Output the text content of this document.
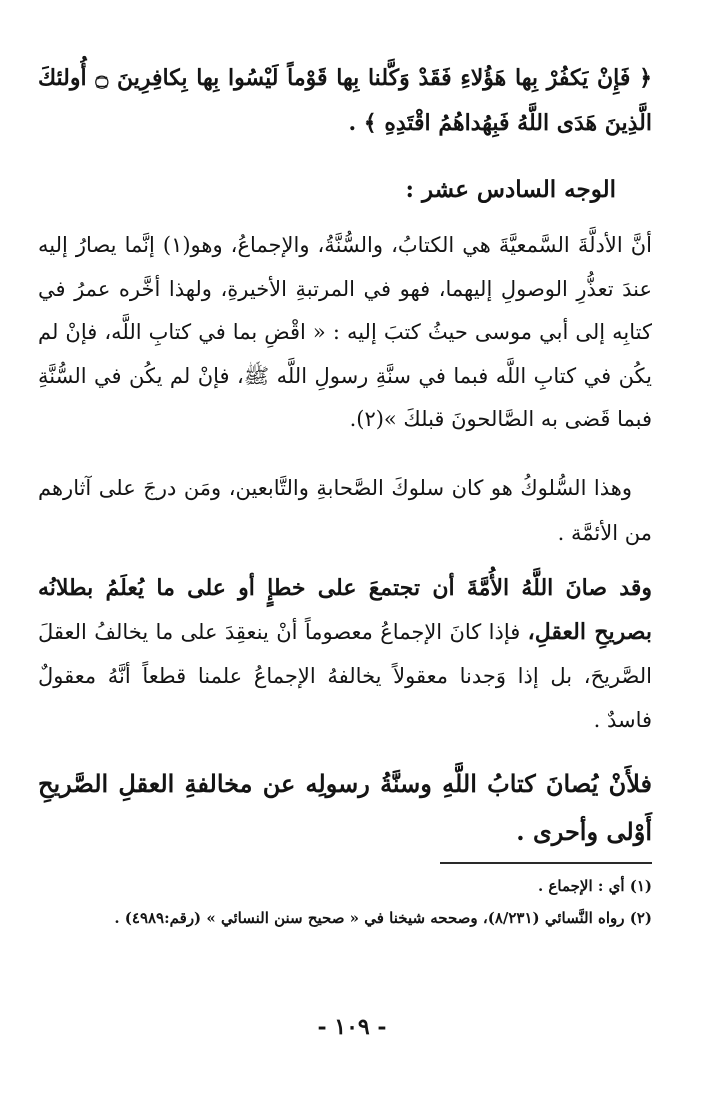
﴿ فَإِنْ يَكفُرْ بِها هَؤُلاءِ فَقَدْ وَكَّلنا بِها قَوْماً لَيْسُوا بِها بِكافِرِينَ ۝ أُولئكَ الَّذِينَ هَدَى اللَّهُ فَبِهُداهُمُ اقْتَدِهِ ﴾ .
الوجه السادس عشر :
أنَّ الأدلَّةَ السَّمعيَّةَ هي الكتابُ، والسُّنَّةُ، والإجماعُ، وهو(١) إنَّما يصارُ إليه عندَ تعذُّرِ الوصولِ إليهما، فهو في المرتبةِ الأخيرةِ، ولهذا أخَّره عمرُ في كتابِه إلى أبي موسى حيثُ كتبَ إليه : « اقْضِ بما في كتابِ اللَّه، فإنْ لم يكُن في كتابِ اللَّه فبما في سنَّةِ رسولِ اللَّه ﷺ، فإنْ لم يكُن في السُّنَّةِ فبما قَضى به الصَّالحونَ قبلكَ »(٢).
وهذا السُّلوكُ هو كان سلوكَ الصَّحابةِ والتَّابعين، ومَن درجَ على آثارهم من الأئمَّة .
وقد صانَ اللَّهُ الأُمَّةَ أن تجتمعَ على خطإٍ أو على ما يُعلَمُ بطلانُه بصريحِ العقلِ، فإذا كانَ الإجماعُ معصوماً أنْ ينعقِدَ على ما يخالفُ العقلَ الصَّريحَ، بل إذا وَجدنا معقولاً يخالفهُ الإجماعُ علمنا قطعاً أنَّهُ معقولٌ فاسدٌ .
فلأَنْ يُصانَ كتابُ اللَّهِ وسنَّةُ رسولِه عن مخالفةِ العقلِ الصَّريحِ أَوْلى وأحرى .
(١) أي : الإجماع .
(٢) رواه النَّسائي (٨/٢٣١)، وصححه شيخنا في « صحيح سنن النسائي » (رقم:٤٩٨٩) .
- ١٠٩ -
